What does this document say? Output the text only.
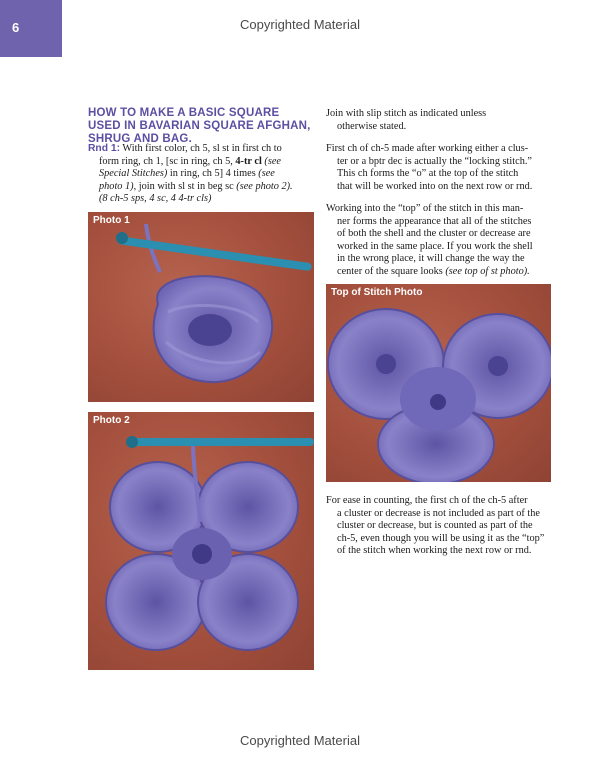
6	Copyrighted Material
HOW TO MAKE A BASIC SQUARE
USED IN BAVARIAN SQUARE AFGHAN,
SHRUG AND BAG.
Rnd 1: With first color, ch 5, sl st in first ch to
form ring, ch 1, [sc in ring, ch 5, 4-tr cl (see
Special Stitches) in ring, ch 5] 4 times (see
photo 1), join with sl st in beg sc (see photo 2).
(8 ch-5 sps, 4 sc, 4 4-tr cls)
Photo 1
Photo 2
Join with slip stitch as indicated unless
otherwise stated.
First ch of ch-5 made after working either a clus-
ter or a bptr dec is actually the “locking stitch.”
This ch forms the “o” at the top of the stitch
that will be worked into on the next row or rnd.
Working into the “top” of the stitch in this man-
ner forms the appearance that all of the stitches
of both the shell and the cluster or decrease are
worked in the same place. If you work the shell
in the wrong place, it will change the way the
center of the square looks (see top of st photo).
Top of Stitch Photo
For ease in counting, the first ch of the ch-5 after
a cluster or decrease is not included as part of the
cluster or decrease, but is counted as part of the
ch-5, even though you will be using it as the “top”
of the stitch when working the next row or rnd.
Copyrighted Material
